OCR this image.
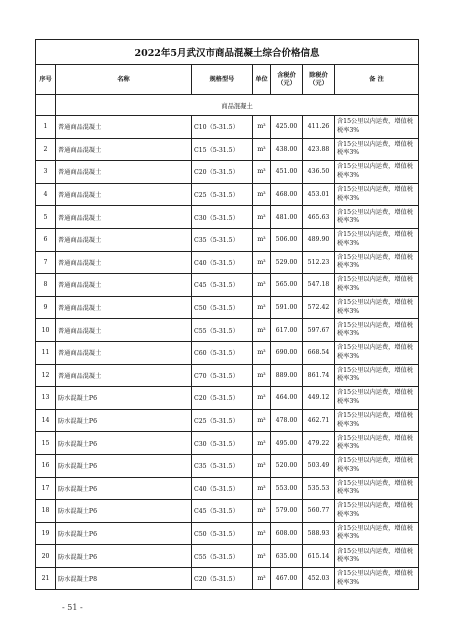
2022年5月武汉市商品混凝土综合价格信息						
序号	名称	规格型号	单位	含税价（元）	除税价（元）	备 注
	商品混凝土					
1	普通商品混凝土	C10（5-31.5）	m³	425.00	411.26	含15公里以内运费，增值税税率3%
2	普通商品混凝土	C15（5-31.5）	m³	438.00	423.88	含15公里以内运费，增值税税率3%
3	普通商品混凝土	C20（5-31.5）	m³	451.00	436.50	含15公里以内运费，增值税税率3%
4	普通商品混凝土	C25（5-31.5）	m³	468.00	453.01	含15公里以内运费，增值税税率3%
5	普通商品混凝土	C30（5-31.5）	m³	481.00	465.63	含15公里以内运费，增值税税率3%
6	普通商品混凝土	C35（5-31.5）	m³	506.00	489.90	含15公里以内运费，增值税税率3%
7	普通商品混凝土	C40（5-31.5）	m³	529.00	512.23	含15公里以内运费，增值税税率3%
8	普通商品混凝土	C45（5-31.5）	m³	565.00	547.18	含15公里以内运费，增值税税率3%
9	普通商品混凝土	C50（5-31.5）	m³	591.00	572.42	含15公里以内运费，增值税税率3%
10	普通商品混凝土	C55（5-31.5）	m³	617.00	597.67	含15公里以内运费，增值税税率3%
11	普通商品混凝土	C60（5-31.5）	m³	690.00	668.54	含15公里以内运费，增值税税率3%
12	普通商品混凝土	C70（5-31.5）	m³	889.00	861.74	含15公里以内运费，增值税税率3%
13	防水混凝土P6	C20（5-31.5）	m³	464.00	449.12	含15公里以内运费，增值税税率3%
14	防水混凝土P6	C25（5-31.5）	m³	478.00	462.71	含15公里以内运费，增值税税率3%
15	防水混凝土P6	C30（5-31.5）	m³	495.00	479.22	含15公里以内运费，增值税税率3%
16	防水混凝土P6	C35（5-31.5）	m³	520.00	503.49	含15公里以内运费，增值税税率3%
17	防水混凝土P6	C40（5-31.5）	m³	553.00	535.53	含15公里以内运费，增值税税率3%
18	防水混凝土P6	C45（5-31.5）	m³	579.00	560.77	含15公里以内运费，增值税税率3%
19	防水混凝土P6	C50（5-31.5）	m³	608.00	588.93	含15公里以内运费，增值税税率3%
20	防水混凝土P6	C55（5-31.5）	m³	635.00	615.14	含15公里以内运费，增值税税率3%
21	防水混凝土P8	C20（5-31.5）	m³	467.00	452.03	含15公里以内运费，增值税税率3%
- 51 -
